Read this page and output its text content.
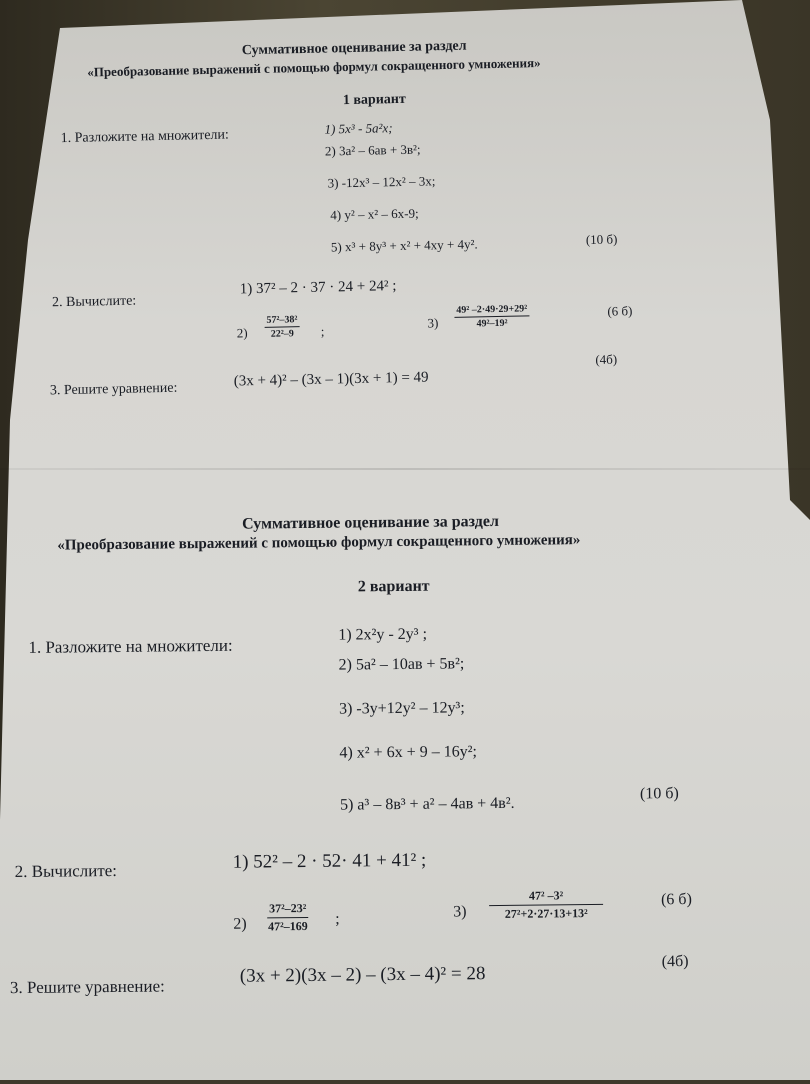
Суммативное оценивание за раздел
«Преобразование выражений с помощью формул сокращенного умножения»
1 вариант
1. Разложите на множители:	1) 5x³ - 5a²x;
2) 3a² – 6ав + 3в²;
3) -12x³ – 12x² – 3x;
4) y² – x² – 6x-9;
5) x³ + 8y³ + x² + 4xy + 4y².	(10 б)
2. Вычислите:
1) 37² – 2 · 37 · 24 + 24² ;
$2) \frac{\text{57²–38²}}{\text{22²–9}}$ ;
$3) \frac{\text{49² –2·49·29+29²}}{\text{49²–19²}}$	(6 б)
3. Решите уравнение:
(3x + 4)² – (3x – 1)(3x + 1) = 49
(4б)
Суммативное оценивание за раздел
«Преобразование выражений с помощью формул сокращенного умножения»
2 вариант
1. Разложите на множители:
1) 2x²y - 2y³ ;
2) 5a² – 10ав + 5в²;
3) -3y+12y² – 12y³;
4) x² + 6x + 9 – 16y²;
5) a³ – 8в³ + a² – 4ав + 4в².
(10 б)
2. Вычислите:	1) 52² – 2 · 52· 41 + 41² ;
$2) \frac{\text{37²–23²}}{\text{47²–169}}$ ;	$3) \frac{\text{47² –3²}}{\text{27²+2·27·13+13²}}$	(6 б)
3. Решите уравнение:
(3x + 2)(3x – 2) – (3x – 4)² = 28
(4б)
